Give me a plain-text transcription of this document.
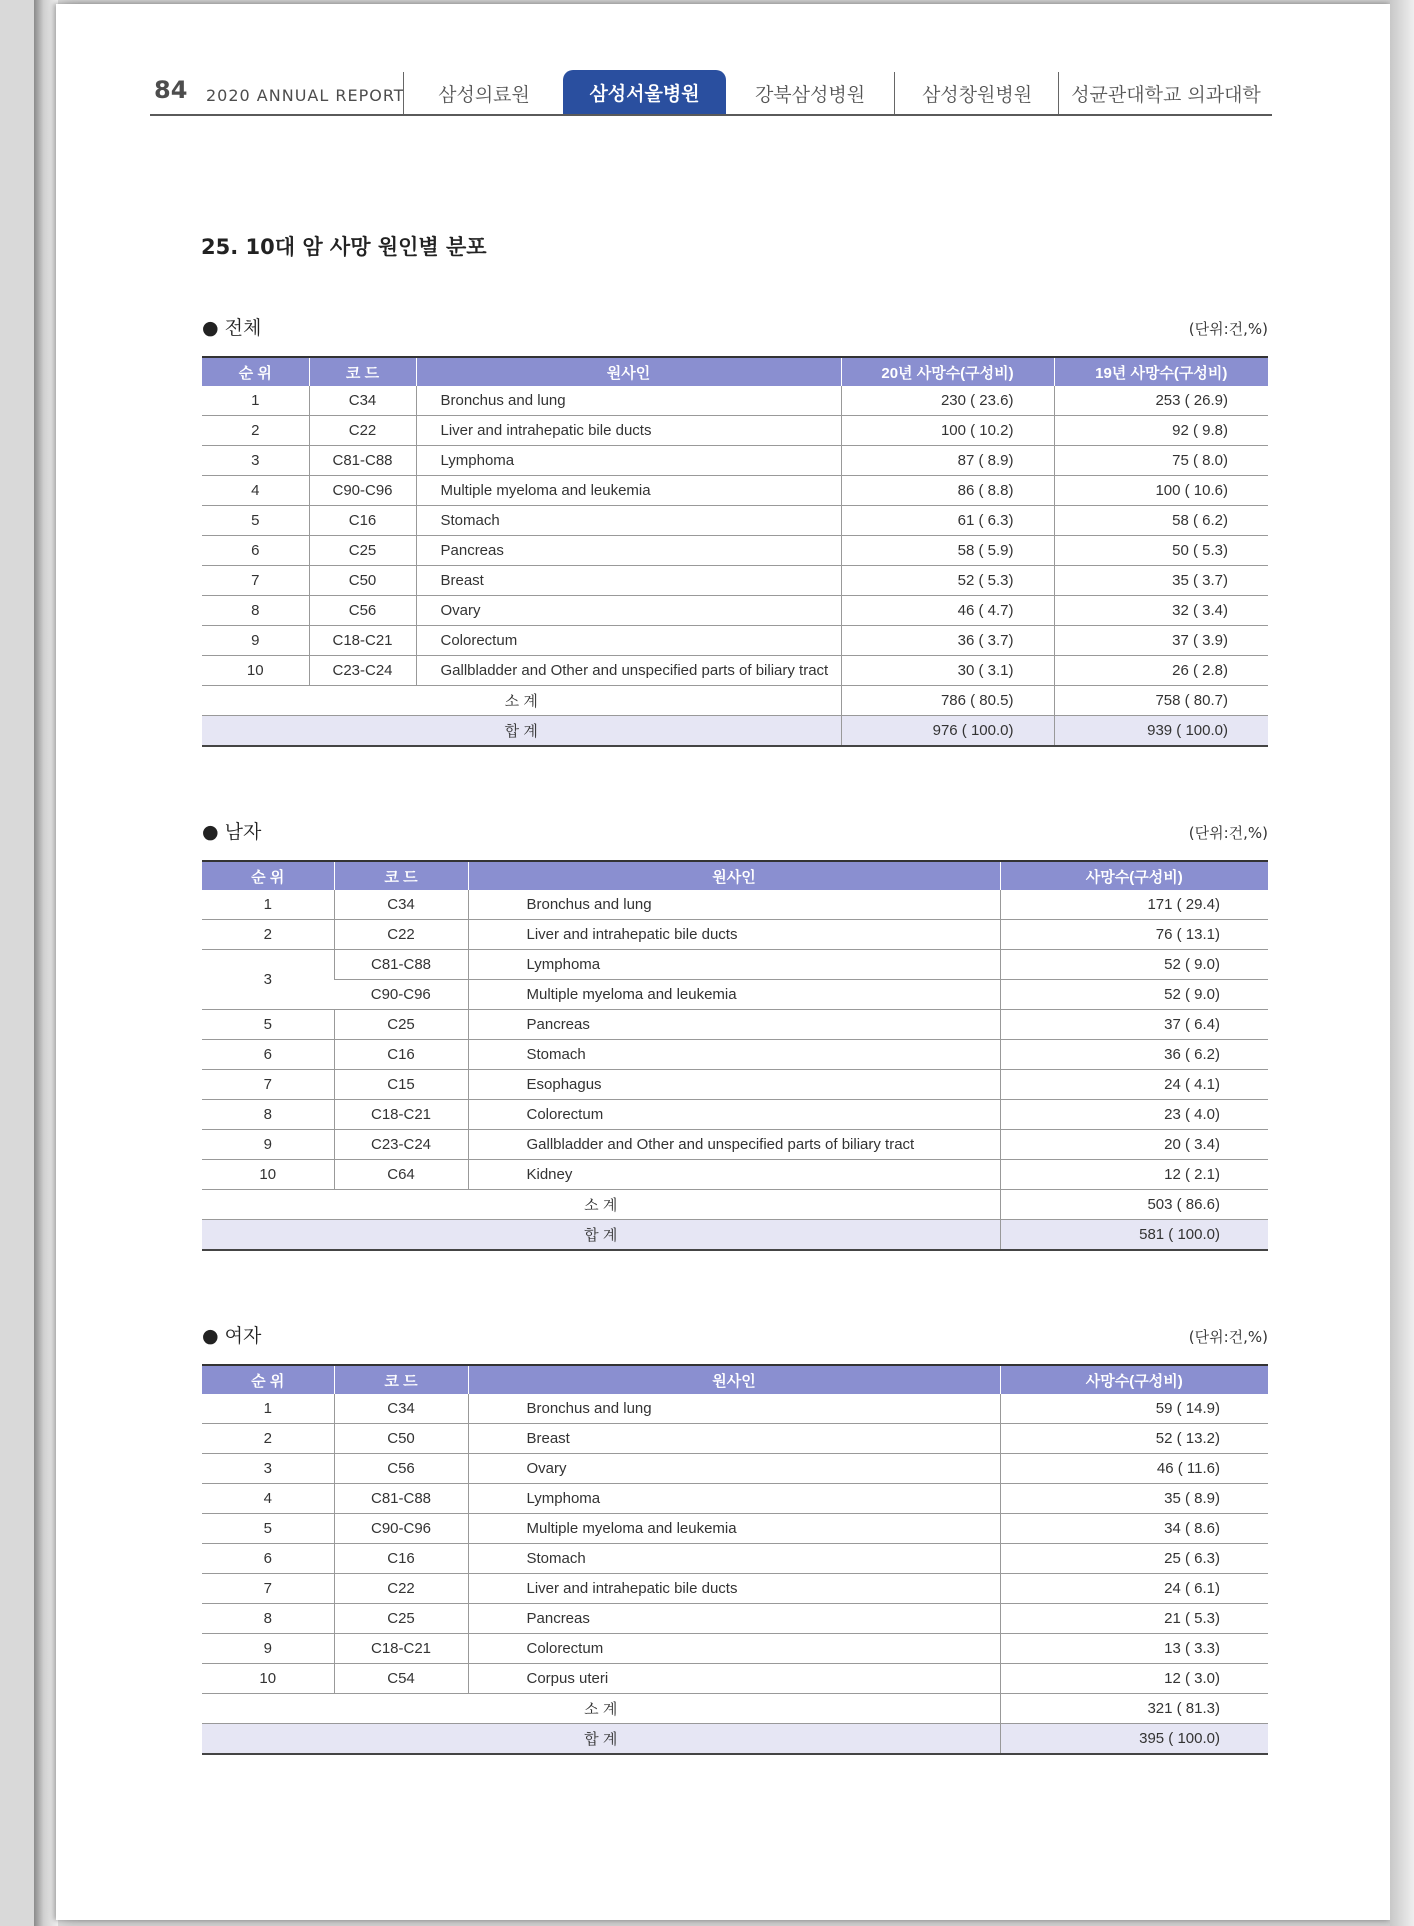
84 2020 ANNUAL REPORT	삼성의료원	삼성서울병원	강북삼성병원	삼성창원병원	성균관대학교 의과대학
25. 10대 암 사망 원인별 분포
● 전체	(단위:건,%)
순 위	코 드	원사인	20년 사망수(구성비)	19년 사망수(구성비)
1	C34	Bronchus and lung	230 ( 23.6)	253 ( 26.9)
2	C22	Liver and intrahepatic bile ducts	100 ( 10.2)	92 ( 9.8)
3	C81-C88	Lymphoma	87 ( 8.9)	75 ( 8.0)
4	C90-C96	Multiple myeloma and leukemia	86 ( 8.8)	100 ( 10.6)
5	C16	Stomach	61 ( 6.3)	58 ( 6.2)
6	C25	Pancreas	58 ( 5.9)	50 ( 5.3)
7	C50	Breast	52 ( 5.3)	35 ( 3.7)
8	C56	Ovary	46 ( 4.7)	32 ( 3.4)
9	C18-C21	Colorectum	36 ( 3.7)	37 ( 3.9)
10	C23-C24	Gallbladder and Other and unspecified parts of biliary tract	30 ( 3.1)	26 ( 2.8)
소 계			786 ( 80.5)	758 ( 80.7)
합 계			976 ( 100.0)	939 ( 100.0)
● 남자	(단위:건,%)
순 위	코 드	원사인	사망수(구성비)
1	C34	Bronchus and lung	171 ( 29.4)
2	C22	Liver and intrahepatic bile ducts	76 ( 13.1)
3	C81-C88	Lymphoma	52 ( 9.0)
	C90-C96	Multiple myeloma and leukemia	52 ( 9.0)
5	C25	Pancreas	37 ( 6.4)
6	C16	Stomach	36 ( 6.2)
7	C15	Esophagus	24 ( 4.1)
8	C18-C21	Colorectum	23 ( 4.0)
9	C23-C24	Gallbladder and Other and unspecified parts of biliary tract	20 ( 3.4)
10	C64	Kidney	12 ( 2.1)
소 계			503 ( 86.6)
합 계			581 ( 100.0)
● 여자	(단위:건,%)
순 위	코 드	원사인	사망수(구성비)
1	C34	Bronchus and lung	59 ( 14.9)
2	C50	Breast	52 ( 13.2)
3	C56	Ovary	46 ( 11.6)
4	C81-C88	Lymphoma	35 ( 8.9)
5	C90-C96	Multiple myeloma and leukemia	34 ( 8.6)
6	C16	Stomach	25 ( 6.3)
7	C22	Liver and intrahepatic bile ducts	24 ( 6.1)
8	C25	Pancreas	21 ( 5.3)
9	C18-C21	Colorectum	13 ( 3.3)
10	C54	Corpus uteri	12 ( 3.0)
소 계			321 ( 81.3)
합 계			395 ( 100.0)
